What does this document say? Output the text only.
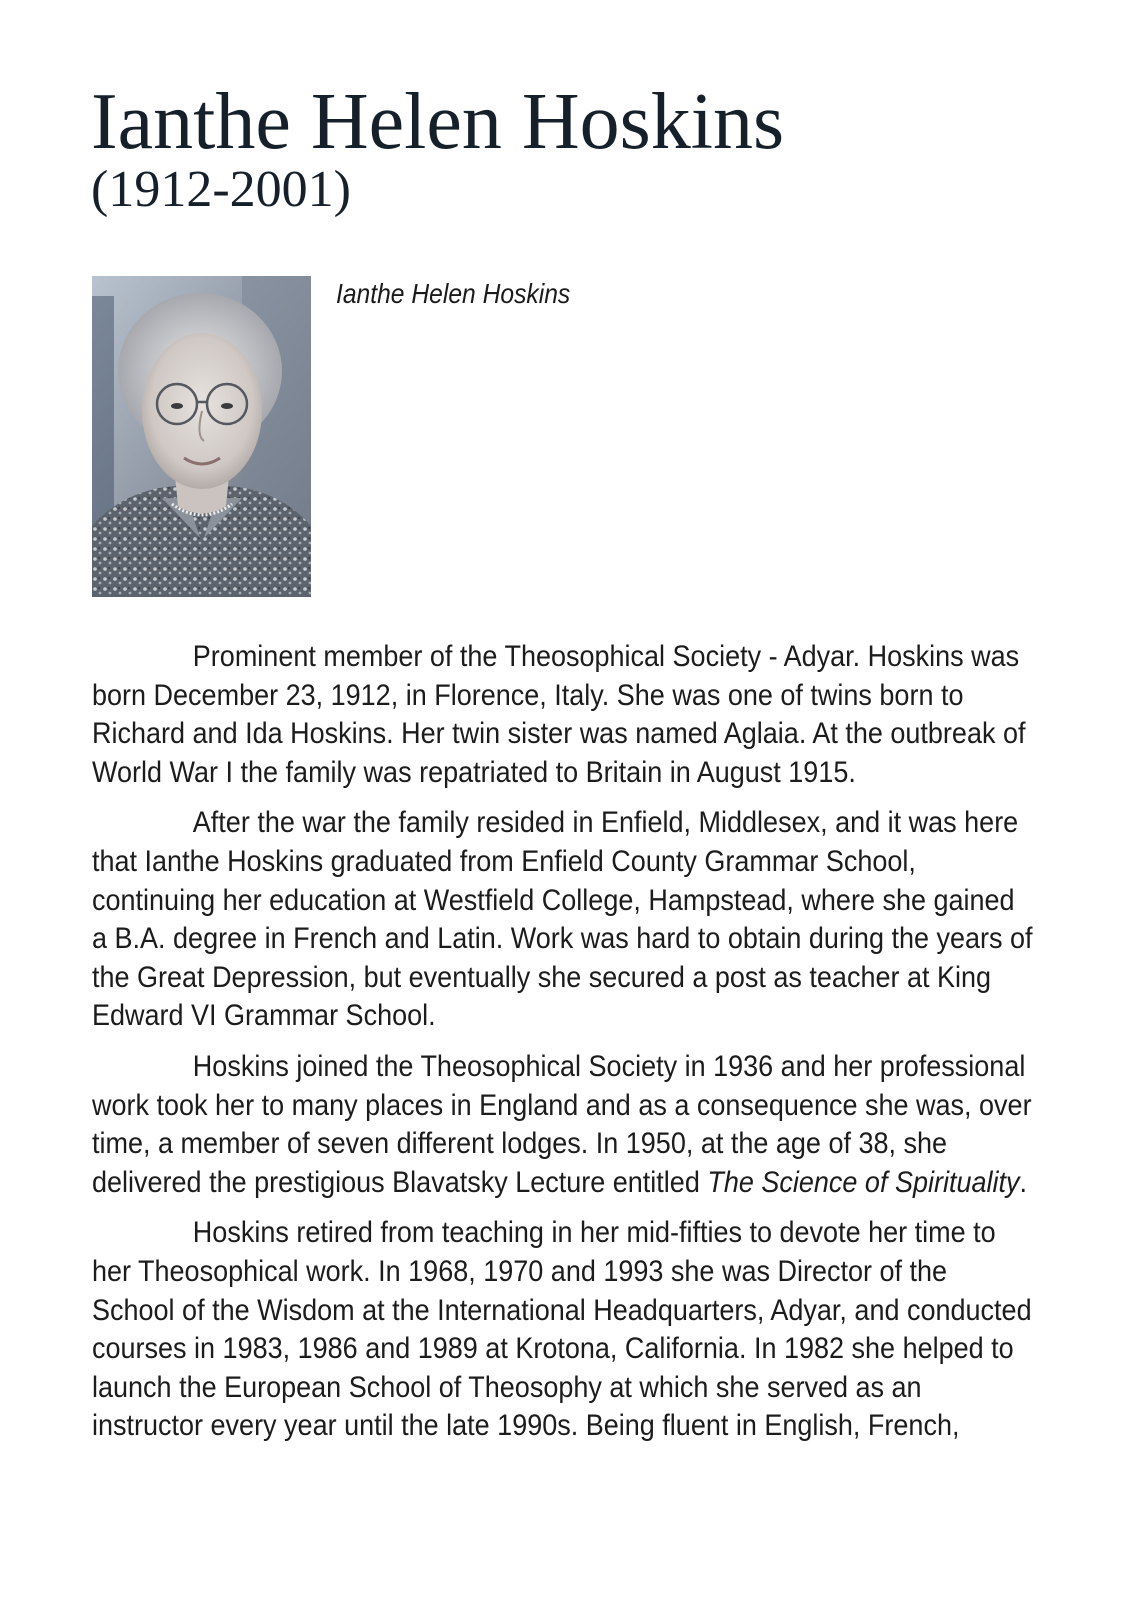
Ianthe Helen Hoskins
(1912-2001)
Ianthe Helen Hoskins

Prominent member of the Theosophical Society - Adyar. Hoskins was
born December 23, 1912, in Florence, Italy. She was one of twins born to
Richard and Ida Hoskins. Her twin sister was named Aglaia. At the outbreak of
World War I the family was repatriated to Britain in August 1915.

After the war the family resided in Enfield, Middlesex, and it was here
that Ianthe Hoskins graduated from Enfield County Grammar School,
continuing her education at Westfield College, Hampstead, where she gained
a B.A. degree in French and Latin. Work was hard to obtain during the years of
the Great Depression, but eventually she secured a post as teacher at King
Edward VI Grammar School.

Hoskins joined the Theosophical Society in 1936 and her professional
work took her to many places in England and as a consequence she was, over
time, a member of seven different lodges. In 1950, at the age of 38, she
delivered the prestigious Blavatsky Lecture entitled The Science of Spirituality.

Hoskins retired from teaching in her mid-fifties to devote her time to
her Theosophical work. In 1968, 1970 and 1993 she was Director of the
School of the Wisdom at the International Headquarters, Adyar, and conducted
courses in 1983, 1986 and 1989 at Krotona, California. In 1982 she helped to
launch the European School of Theosophy at which she served as an
instructor every year until the late 1990s. Being fluent in English, French,
